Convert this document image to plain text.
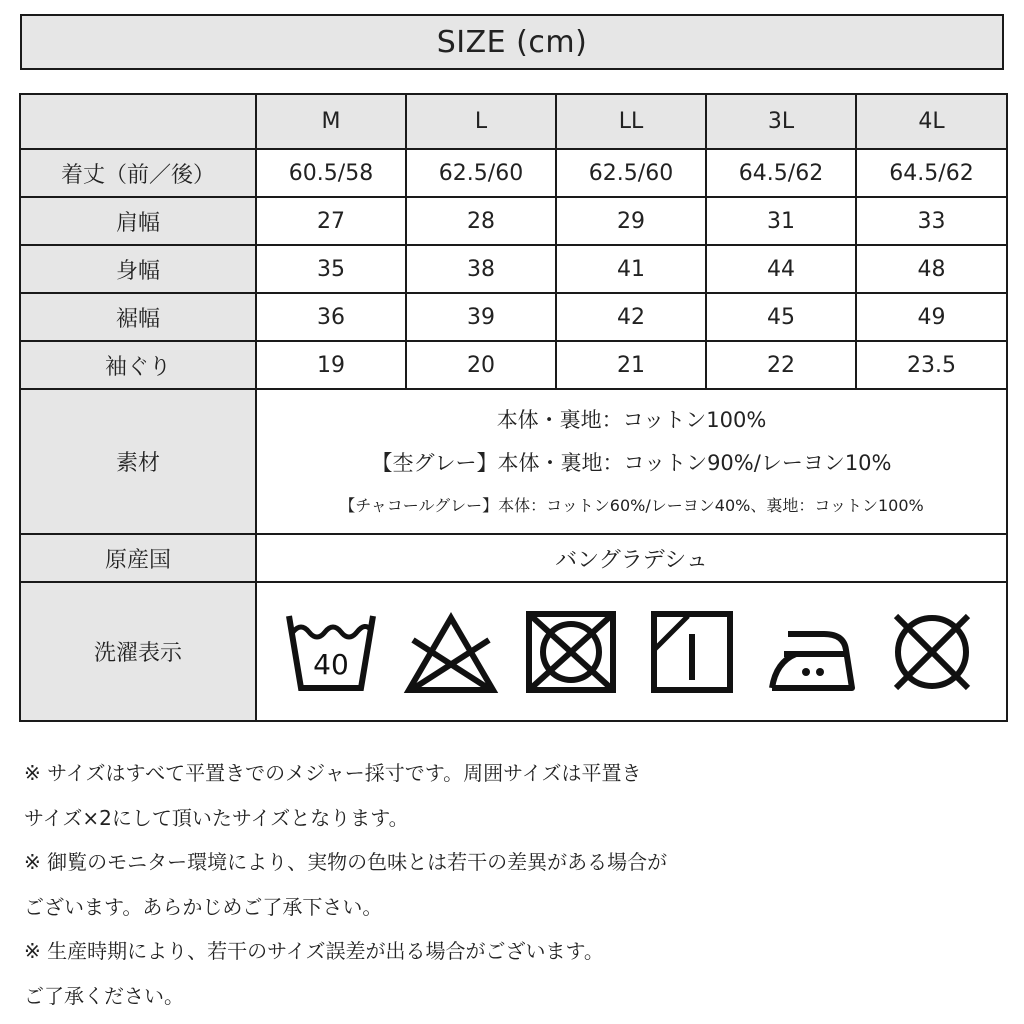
SIZE (cm)
	M	L	LL	3L	4L
着丈（前／後）	60.5/58	62.5/60	62.5/60	64.5/62	64.5/62
肩幅	27	28	29	31	33
身幅	35	38	41	44	48
裾幅	36	39	42	45	49
袖ぐり	19	20	21	22	23.5
素材	本体・裏地：コットン100%
【杢グレー】本体・裏地：コットン90%/レーヨン10%
【チャコールグレー】本体：コットン60%/レーヨン40%、裏地：コットン100%				

原産国	バングラデシュ				
洗濯表示	40				
※ サイズはすべて平置きでのメジャー採寸です。周囲サイズは平置き
サイズ×2にして頂いたサイズとなります。
※ 御覧のモニター環境により、実物の色味とは若干の差異がある場合が
ございます。あらかじめご了承下さい。
※ 生産時期により、若干のサイズ誤差が出る場合がございます。
ご了承ください。
